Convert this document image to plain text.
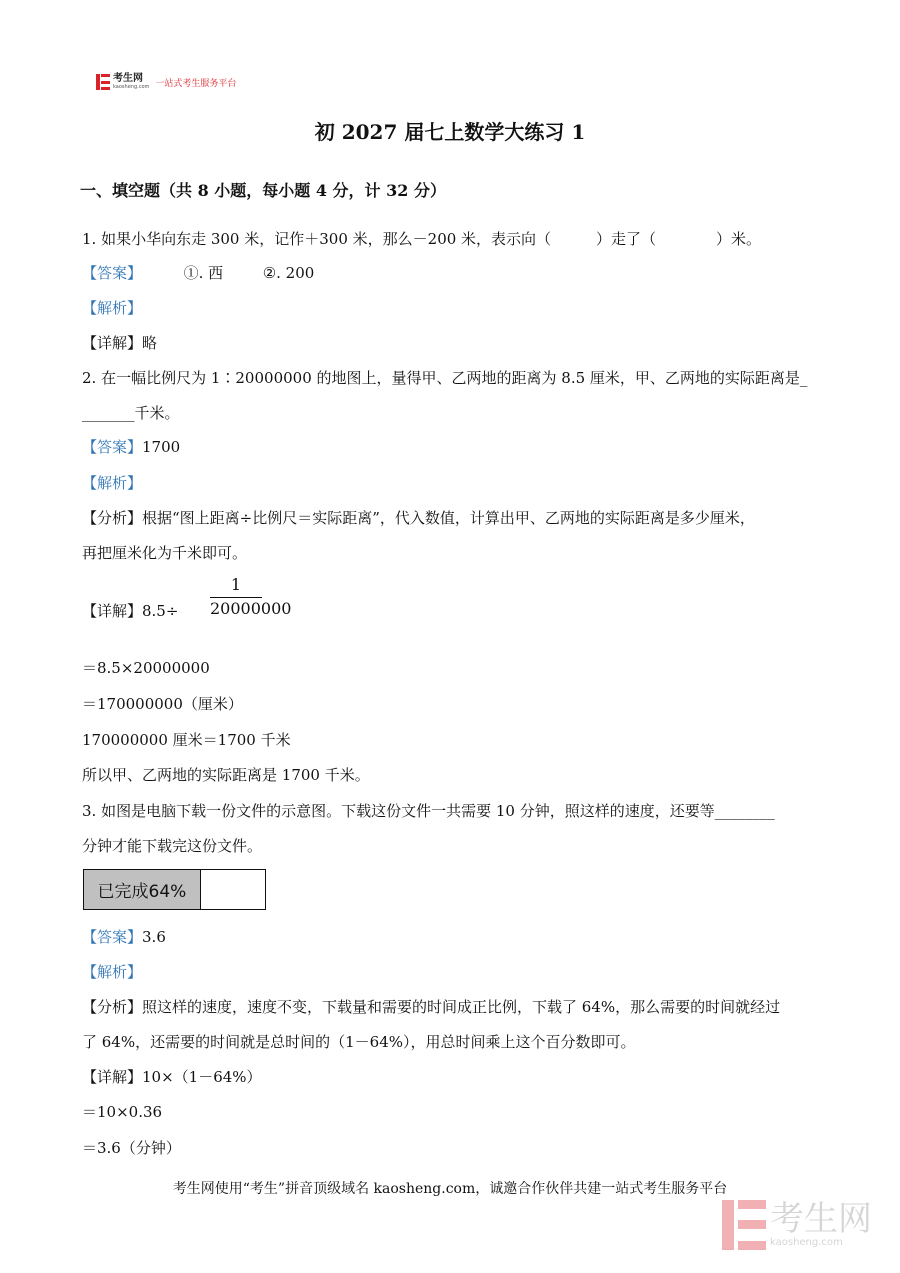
考生网
kaosheng.com 一站式考生服务平台
初 2027 届七上数学大练习 1
一、填空题（共 8 小题，每小题 4 分，计 32 分）
1. 如果小华向东走 300 米，记作＋300 米，那么－200 米，表示向（　　　）走了（　　　　）米。
【答案】	①. 西	②. 200
【解析】
【详解】略
2. 在一幅比例尺为 1∶20000000 的地图上，量得甲、乙两地的距离为 8.5 厘米，甲、乙两地的实际距离是_
_______千米。
【答案】1700
【解析】
【分析】根据“图上距离÷比例尺＝实际距离”，代入数值，计算出甲、乙两地的实际距离是多少厘米，
再把厘米化为千米即可。
【详解】8.5÷
1
20000000
＝8.5×20000000
＝170000000（厘米）
170000000 厘米＝1700 千米
所以甲、乙两地的实际距离是 1700 千米。
3. 如图是电脑下载一份文件的示意图。下载这份文件一共需要 10 分钟，照这样的速度，还要等________
分钟才能下载完这份文件。
已完成64%
【答案】3.6
【解析】
【分析】照这样的速度，速度不变，下载量和需要的时间成正比例，下载了 64%，那么需要的时间就经过
了 64%，还需要的时间就是总时间的（1－64%），用总时间乘上这个百分数即可。
【详解】10×（1－64%）
＝10×0.36
＝3.6（分钟）
考生网使用“考生”拼音顶级域名 kaosheng.com，诚邀合作伙伴共建一站式考生服务平台
考生网
kaosheng.com
